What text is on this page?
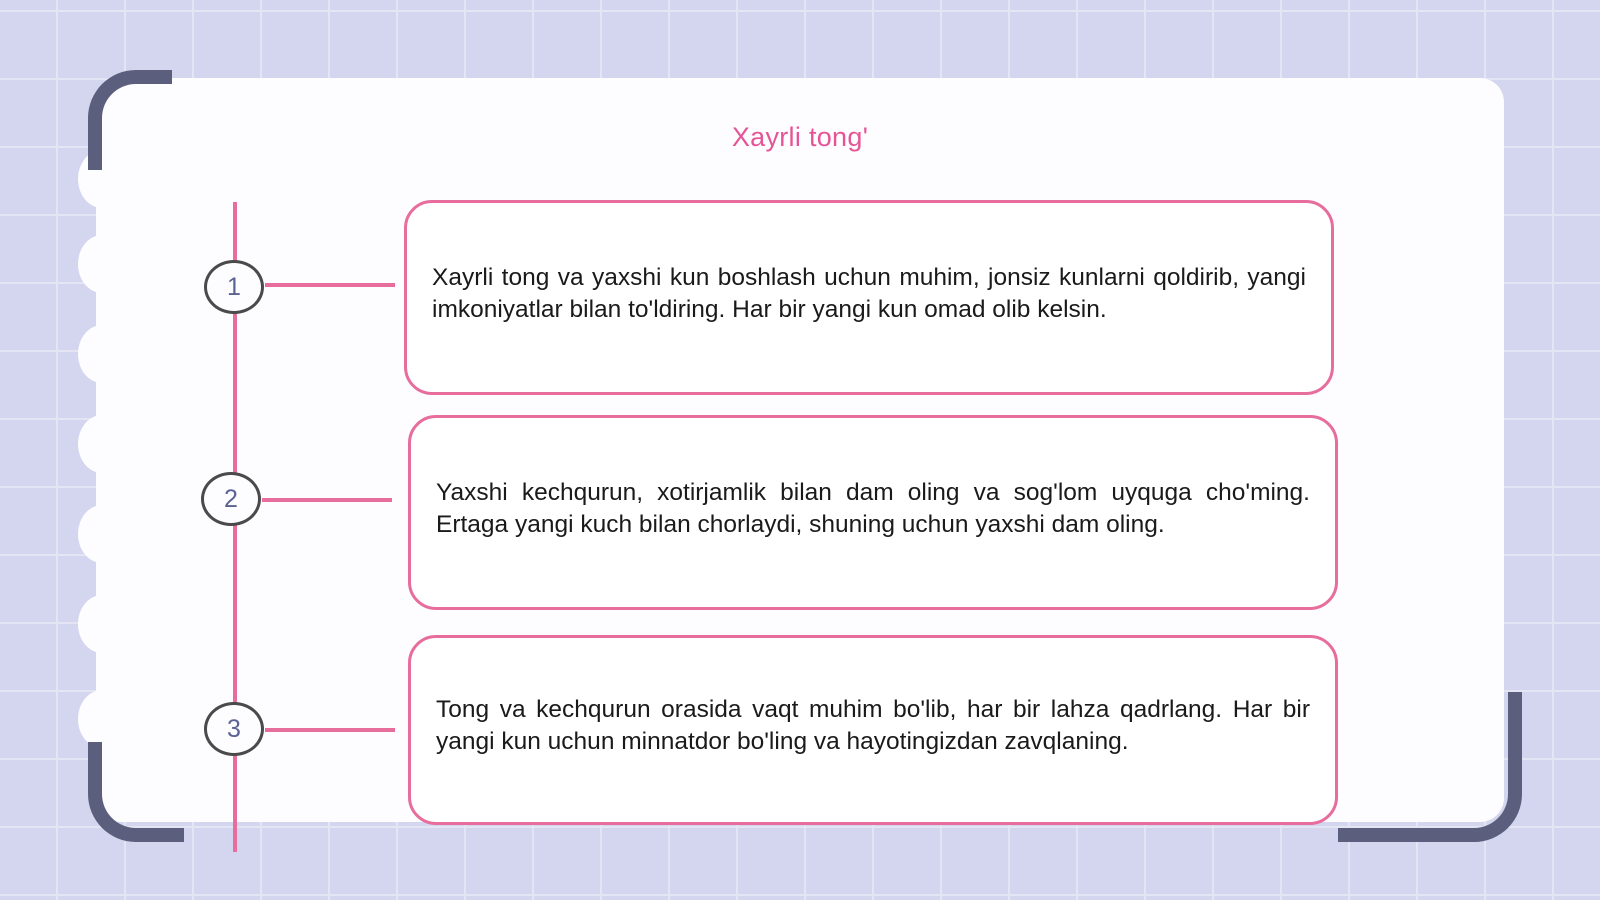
Xayrli tong'
1
2
3

Xayrli tong va yaxshi kun boshlash uchun muhim, jonsiz kunlarni qoldirib, yangi imkoniyatlar bilan to'ldiring. Har bir yangi kun omad olib kelsin.

Yaxshi kechqurun, xotirjamlik bilan dam oling va sog'lom uyquga cho'ming. Ertaga yangi kuch bilan chorlaydi, shuning uchun yaxshi dam oling.

Tong va kechqurun orasida vaqt muhim bo'lib, har bir lahza qadrlang. Har bir yangi kun uchun minnatdor bo'ling va hayotingizdan zavqlaning.
